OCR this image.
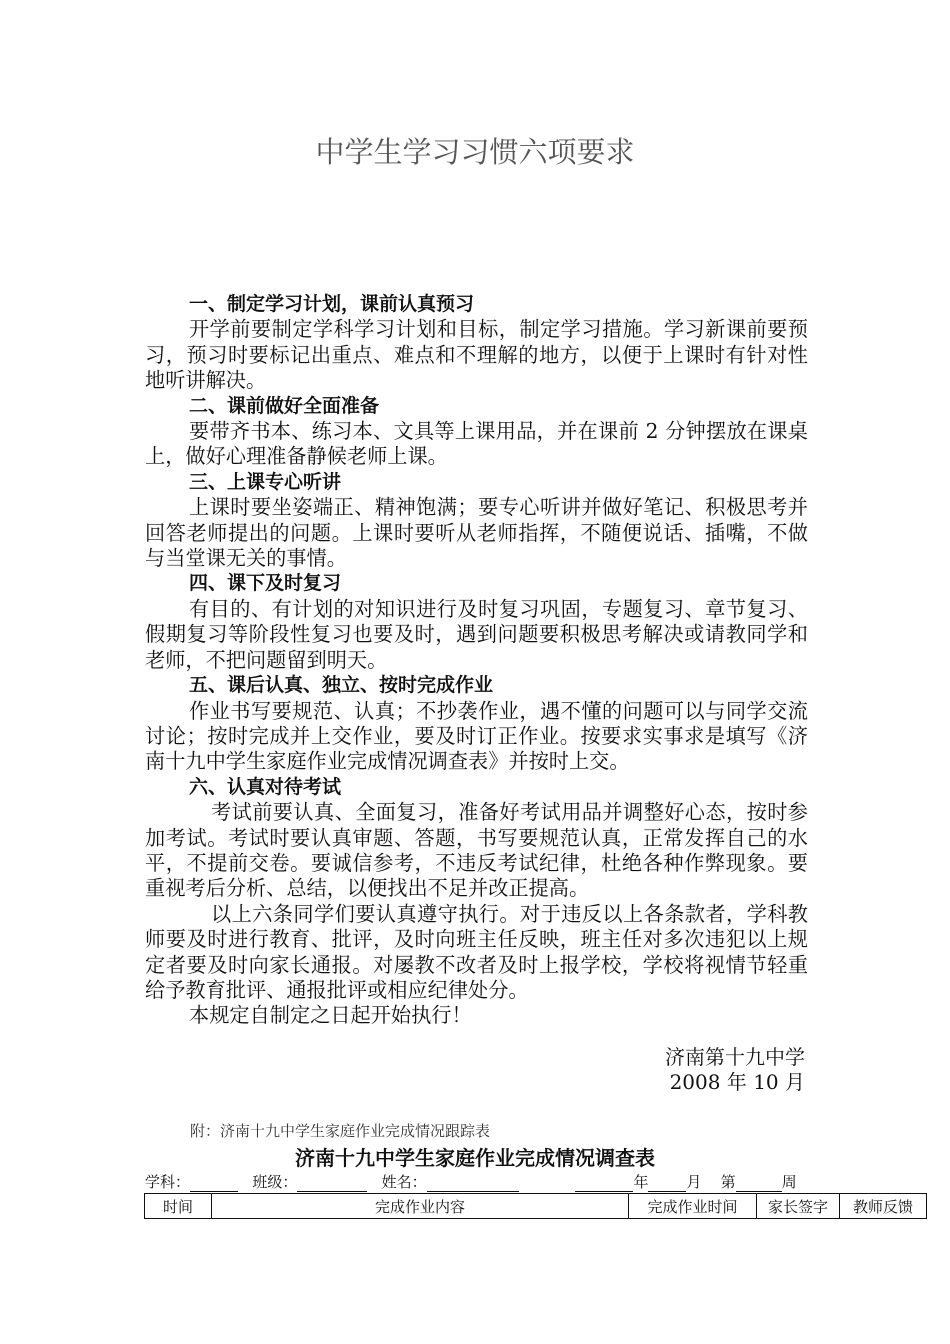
中学生学习习惯六项要求

一、制定学习计划，课前认真预习

开学前要制定学科学习计划和目标，制定学习措施。学习新课前要预习，预习时要标记出重点、难点和不理解的地方，以便于上课时有针对性地听讲解决。

二、课前做好全面准备

要带齐书本、练习本、文具等上课用品，并在课前 2 分钟摆放在课桌上，做好心理准备静候老师上课。

三、上课专心听讲

上课时要坐姿端正、精神饱满；要专心听讲并做好笔记、积极思考并回答老师提出的问题。上课时要听从老师指挥，不随便说话、插嘴，不做与当堂课无关的事情。

四、课下及时复习

有目的、有计划的对知识进行及时复习巩固，专题复习、章节复习、假期复习等阶段性复习也要及时，遇到问题要积极思考解决或请教同学和老师，不把问题留到明天。

五、课后认真、独立、按时完成作业

作业书写要规范、认真；不抄袭作业，遇不懂的问题可以与同学交流讨论；按时完成并上交作业，要及时订正作业。按要求实事求是填写《济南十九中学生家庭作业完成情况调查表》并按时上交。

六、认真对待考试

考试前要认真、全面复习，准备好考试用品并调整好心态，按时参加考试。考试时要认真审题、答题，书写要规范认真，正常发挥自己的水平，不提前交卷。要诚信参考，不违反考试纪律，杜绝各种作弊现象。要重视考后分析、总结，以便找出不足并改正提高。

以上六条同学们要认真遵守执行。对于违反以上各条款者，学科教师要及时进行教育、批评，及时向班主任反映，班主任对多次违犯以上规定者要及时向家长通报。对屡教不改者及时上报学校，学校将视情节轻重给予教育批评、通报批评或相应纪律处分。

本规定自制定之日起开始执行！

济南第十九中学
2008 年 10 月
附：济南十九中学生家庭作业完成情况跟踪表
济南十九中学生家庭作业完成情况调查表
学科：	班级：	姓名：	年	月 第	周
时间	完成作业内容	完成作业时间	家长签字	教师反馈
